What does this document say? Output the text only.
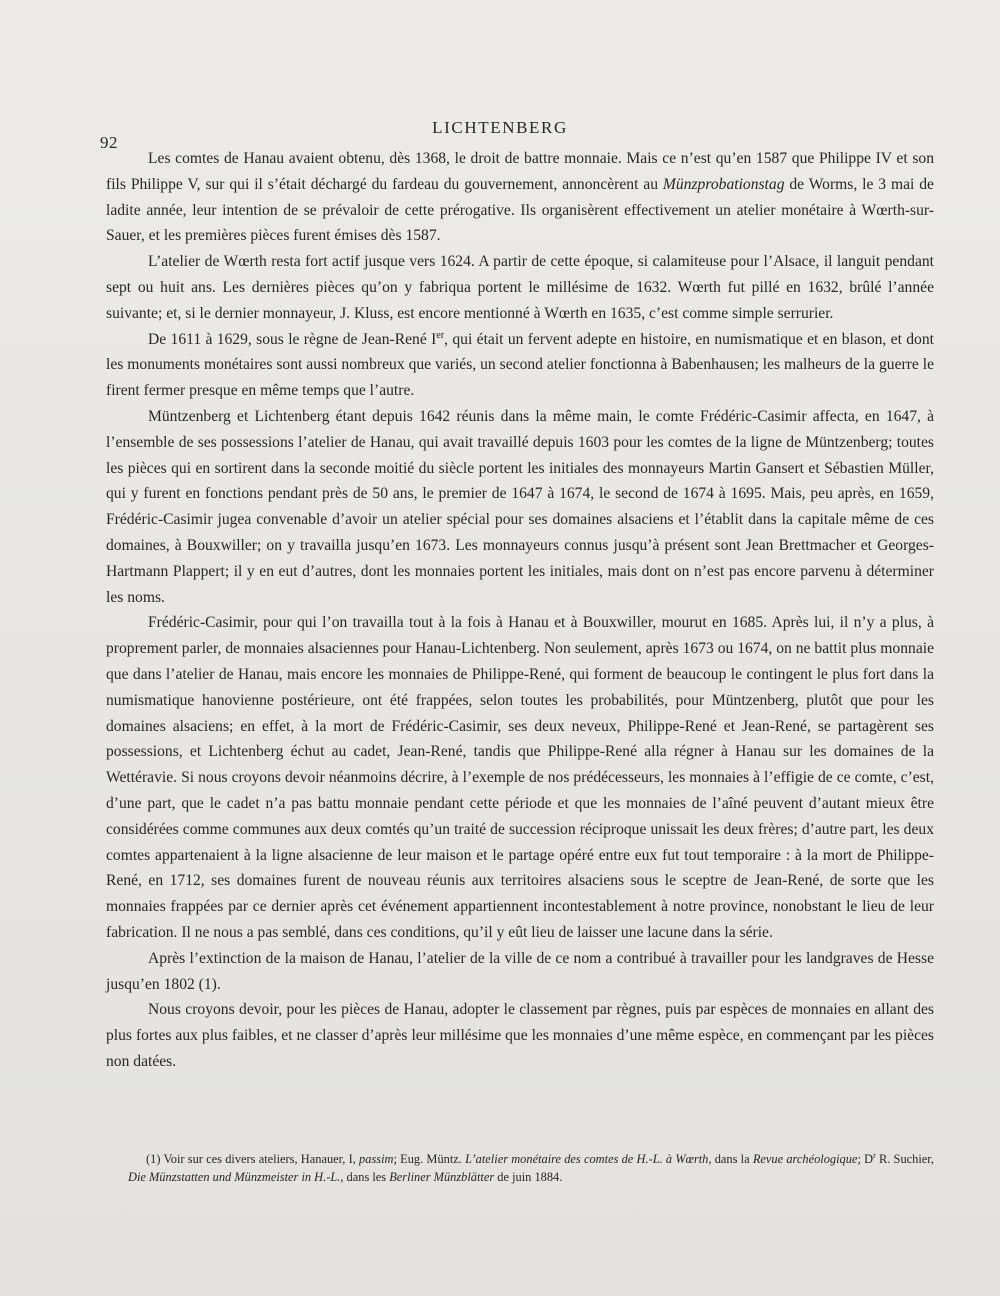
92
LICHTENBERG

Les comtes de Hanau avaient obtenu, dès 1368, le droit de battre monnaie. Mais ce n’est qu’en 1587 que Philippe IV et son fils Philippe V, sur qui il s’était déchargé du fardeau du gouvernement, annoncèrent au Münzprobationstag de Worms, le 3 mai de ladite année, leur intention de se prévaloir de cette prérogative. Ils organisèrent effectivement un atelier monétaire à Wœrth-sur-Sauer, et les premières pièces furent émises dès 1587.

L’atelier de Wœrth resta fort actif jusque vers 1624. A partir de cette époque, si calamiteuse pour l’Alsace, il languit pendant sept ou huit ans. Les dernières pièces qu’on y fabriqua portent le millésime de 1632. Wœrth fut pillé en 1632, brûlé l’année suivante; et, si le dernier monnayeur, J. Kluss, est encore mentionné à Wœrth en 1635, c’est comme simple serrurier.

De 1611 à 1629, sous le règne de Jean-René Ier, qui était un fervent adepte en histoire, en numismatique et en blason, et dont les monuments monétaires sont aussi nombreux que variés, un second atelier fonctionna à Babenhausen; les malheurs de la guerre le firent fermer presque en même temps que l’autre.

Müntzenberg et Lichtenberg étant depuis 1642 réunis dans la même main, le comte Frédéric-Casimir affecta, en 1647, à l’ensemble de ses possessions l’atelier de Hanau, qui avait travaillé depuis 1603 pour les comtes de la ligne de Müntzenberg; toutes les pièces qui en sortirent dans la seconde moitié du siècle portent les initiales des monnayeurs Martin Gansert et Sébastien Müller, qui y furent en fonctions pendant près de 50 ans, le premier de 1647 à 1674, le second de 1674 à 1695. Mais, peu après, en 1659, Frédéric-Casimir jugea convenable d’avoir un atelier spécial pour ses domaines alsaciens et l’établit dans la capitale même de ces domaines, à Bouxwiller; on y travailla jusqu’en 1673. Les monnayeurs connus jusqu’à présent sont Jean Brettmacher et Georges-Hartmann Plappert; il y en eut d’autres, dont les monnaies portent les initiales, mais dont on n’est pas encore parvenu à déterminer les noms.

Frédéric-Casimir, pour qui l’on travailla tout à la fois à Hanau et à Bouxwiller, mourut en 1685. Après lui, il n’y a plus, à proprement parler, de monnaies alsaciennes pour Hanau-Lichtenberg. Non seulement, après 1673 ou 1674, on ne battit plus monnaie que dans l’atelier de Hanau, mais encore les monnaies de Philippe-René, qui forment de beaucoup le contingent le plus fort dans la numismatique hanovienne postérieure, ont été frappées, selon toutes les probabilités, pour Müntzenberg, plutôt que pour les domaines alsaciens; en effet, à la mort de Frédéric-Casimir, ses deux neveux, Philippe-René et Jean-René, se partagèrent ses possessions, et Lichtenberg échut au cadet, Jean-René, tandis que Philippe-René alla régner à Hanau sur les domaines de la Wettéravie. Si nous croyons devoir néanmoins décrire, à l’exemple de nos prédécesseurs, les monnaies à l’effigie de ce comte, c’est, d’une part, que le cadet n’a pas battu monnaie pendant cette période et que les monnaies de l’aîné peuvent d’autant mieux être considérées comme communes aux deux comtés qu’un traité de succession réciproque unissait les deux frères; d’autre part, les deux comtes appartenaient à la ligne alsacienne de leur maison et le partage opéré entre eux fut tout temporaire : à la mort de Philippe-René, en 1712, ses domaines furent de nouveau réunis aux territoires alsaciens sous le sceptre de Jean-René, de sorte que les monnaies frappées par ce dernier après cet événement appartiennent incontestablement à notre province, nonobstant le lieu de leur fabrication. Il ne nous a pas semblé, dans ces conditions, qu’il y eût lieu de laisser une lacune dans la série.

Après l’extinction de la maison de Hanau, l’atelier de la ville de ce nom a contribué à travailler pour les landgraves de Hesse jusqu’en 1802 (1).

Nous croyons devoir, pour les pièces de Hanau, adopter le classement par règnes, puis par espèces de monnaies en allant des plus fortes aux plus faibles, et ne classer d’après leur millésime que les monnaies d’une même espèce, en commençant par les pièces non datées.

(1) Voir sur ces divers ateliers, Hanauer, I, passim; Eug. Müntz. L’atelier monétaire des comtes de H.-L. à Wœrth, dans la Revue archéologique; $D^r$ R. Suchier, Die Münzstatten und Münzmeister in H.-L., dans les Berliner Münzblätter de juin 1884.
